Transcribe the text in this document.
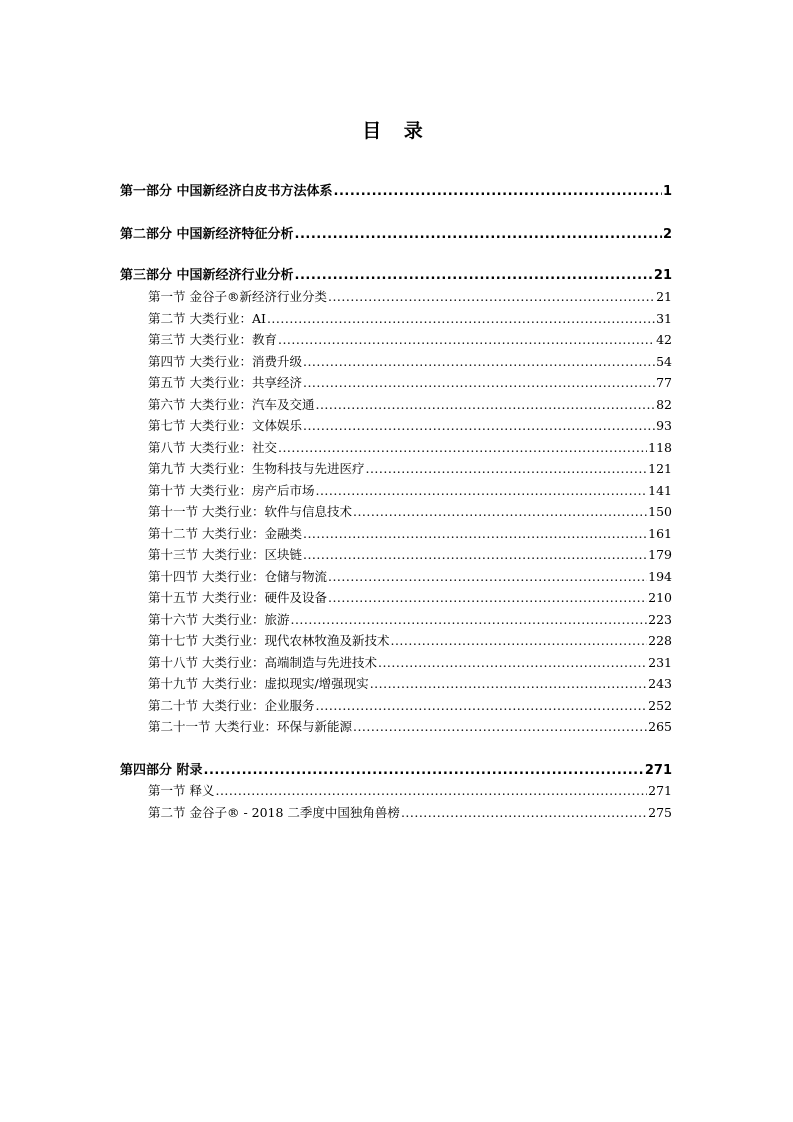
目 录
第一部分 中国新经济白皮书方法体系 .....	1
第二部分 中国新经济特征分析 .....	2
第三部分 中国新经济行业分析 .....	21
第一节 金谷子®新经济行业分类 .....	21
第二节 大类行业：AI .....	31
第三节 大类行业：教育 .....	42
第四节 大类行业：消费升级 .....	54
第五节 大类行业：共享经济 .....	77
第六节 大类行业：汽车及交通 .....	82
第七节 大类行业：文体娱乐 .....	93
第八节 大类行业：社交 .....	118
第九节 大类行业：生物科技与先进医疗 .....	121
第十节 大类行业：房产后市场 .....	141
第十一节 大类行业：软件与信息技术 .....	150
第十二节 大类行业：金融类 .....	161
第十三节 大类行业：区块链 .....	179
第十四节 大类行业：仓储与物流 .....	194
第十五节 大类行业：硬件及设备 .....	210
第十六节 大类行业：旅游 .....	223
第十七节 大类行业：现代农林牧渔及新技术 .....	228
第十八节 大类行业：高端制造与先进技术 .....	231
第十九节 大类行业：虚拟现实/增强现实 .....	243
第二十节 大类行业：企业服务 .....	252
第二十一节 大类行业：环保与新能源 .....	265
第四部分 附录 .....	271
第一节 释义 .....	271
第二节 金谷子® - 2018 二季度中国独角兽榜 .....	275
